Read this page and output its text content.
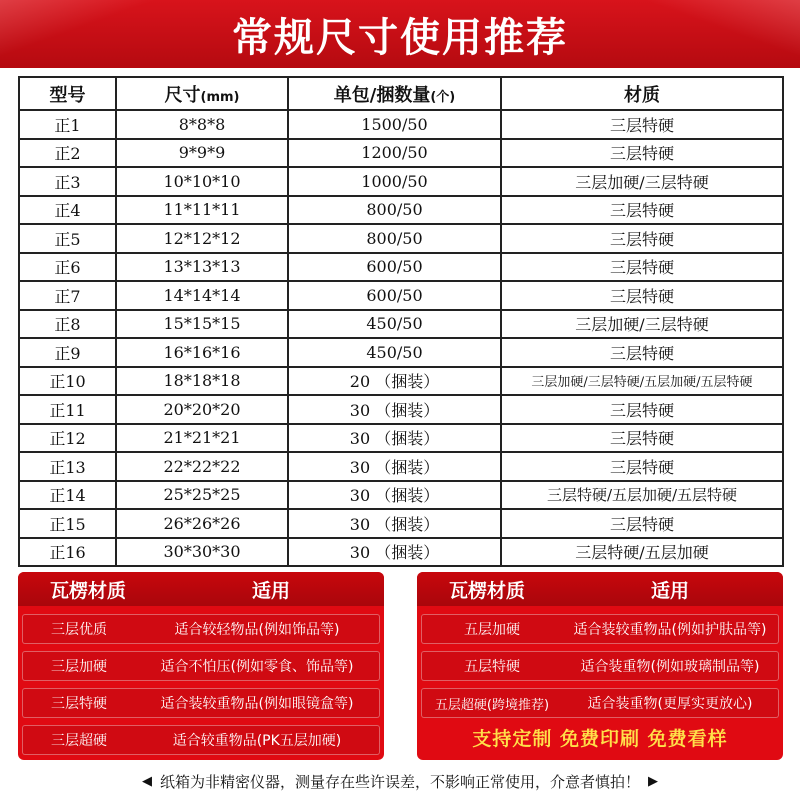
常规尺寸使用推荐
型号	尺寸(mm)	单包/捆数量(个)	材质
正1	8*8*8	1500/50	三层特硬
正2	9*9*9	1200/50	三层特硬
正3	10*10*10	1000/50	三层加硬/三层特硬
正4	11*11*11	800/50	三层特硬
正5	12*12*12	800/50	三层特硬
正6	13*13*13	600/50	三层特硬
正7	14*14*14	600/50	三层特硬
正8	15*15*15	450/50	三层加硬/三层特硬
正9	16*16*16	450/50	三层特硬
正10	18*18*18	20 （捆装）	三层加硬/三层特硬/五层加硬/五层特硬
正11	20*20*20	30 （捆装）	三层特硬
正12	21*21*21	30 （捆装）	三层特硬
正13	22*22*22	30 （捆装）	三层特硬
正14	25*25*25	30 （捆装）	三层特硬/五层加硬/五层特硬
正15	26*26*26	30 （捆装）	三层特硬
正16	30*30*30	30 （捆装）	三层特硬/五层加硬
瓦楞材质	适用
三层优质	适合较轻物品(例如饰品等)
三层加硬	适合不怕压(例如零食、饰品等)
三层特硬	适合装较重物品(例如眼镜盒等)
三层超硬	适合较重物品(PK五层加硬)
瓦楞材质	适用
五层加硬	适合装较重物品(例如护肤品等)
五层特硬	适合装重物(例如玻璃制品等)
五层超硬(跨境推荐)	适合装重物(更厚实更放心)
支持定制 免费印刷 免费看样
◀ 纸箱为非精密仪器，测量存在些许误差，不影响正常使用，介意者慎拍！ ▶
